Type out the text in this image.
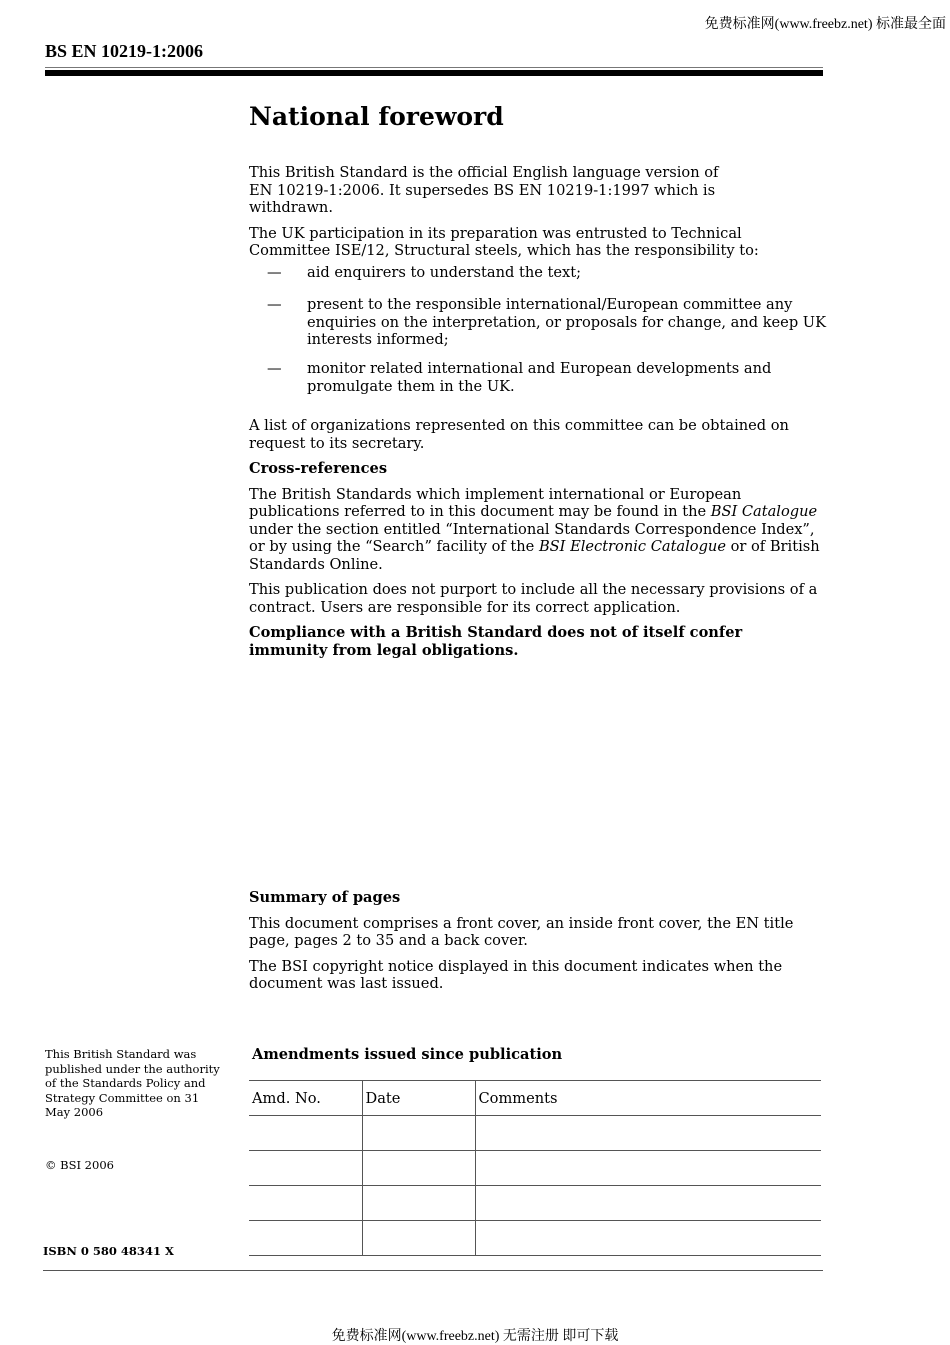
免费标准网(www.freebz.net) 标准最全面
BS EN 10219-1:2006
National foreword

This British Standard is the official English language version of EN 10219-1:2006. It supersedes BS EN 10219-1:1997 which is withdrawn.

The UK participation in its preparation was entrusted to Technical Committee ISE/12, Structural steels, which has the responsibility to:

— aid enquirers to understand the text;
— present to the responsible international/European committee any enquiries on the interpretation, or proposals for change, and keep UK interests informed;
— monitor related international and European developments and promulgate them in the UK.

A list of organizations represented on this committee can be obtained on request to its secretary.

Cross-references

The British Standards which implement international or European publications referred to in this document may be found in the BSI Catalogue under the section entitled “International Standards Correspondence Index”, or by using the “Search” facility of the BSI Electronic Catalogue or of British Standards Online.

This publication does not purport to include all the necessary provisions of a contract. Users are responsible for its correct application.

Compliance with a British Standard does not of itself confer immunity from legal obligations.

Summary of pages

This document comprises a front cover, an inside front cover, the EN title page, pages 2 to 35 and a back cover.

The BSI copyright notice displayed in this document indicates when the document was last issued.

This British Standard was published under the authority of the Standards Policy and Strategy Committee on 31 May 2006
© BSI 2006
ISBN 0 580 48341 X
Amendments issued since publication
Amd. No.	Date	Comments

免费标准网(www.freebz.net) 无需注册 即可下载
